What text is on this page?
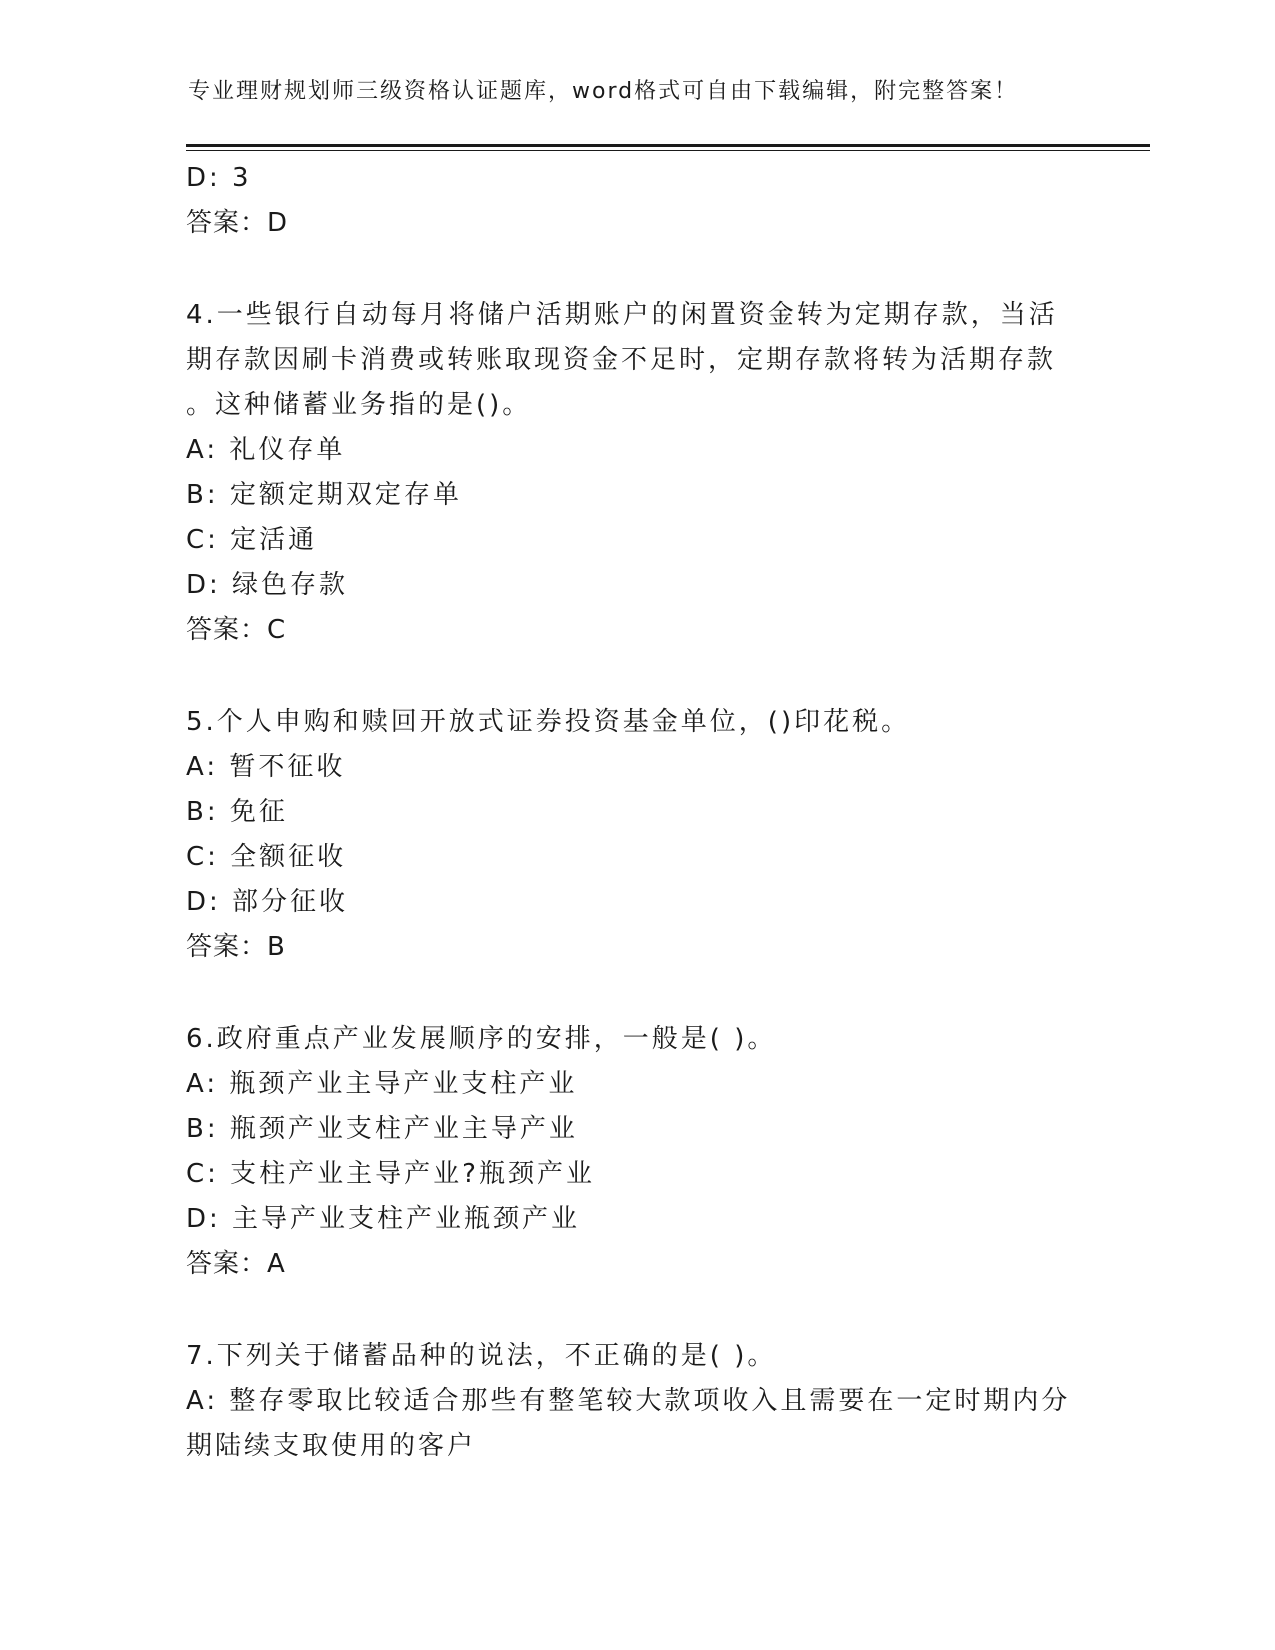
专业理财规划师三级资格认证题库，word格式可自由下载编辑，附完整答案！
D: 3
答案：D
4.一些银行自动每月将储户活期账户的闲置资金转为定期存款，当活
期存款因刷卡消费或转账取现资金不足时，定期存款将转为活期存款
。这种储蓄业务指的是()。
A: 礼仪存单
B: 定额定期双定存单
C: 定活通
D: 绿色存款
答案：C
5.个人申购和赎回开放式证券投资基金单位，()印花税。
A: 暂不征收
B: 免征
C: 全额征收
D: 部分征收
答案：B
6.政府重点产业发展顺序的安排，一般是( )。
A: 瓶颈产业主导产业支柱产业
B: 瓶颈产业支柱产业主导产业
C: 支柱产业主导产业?瓶颈产业
D: 主导产业支柱产业瓶颈产业
答案：A
7.下列关于储蓄品种的说法，不正确的是( )。
A: 整存零取比较适合那些有整笔较大款项收入且需要在一定时期内分
期陆续支取使用的客户
